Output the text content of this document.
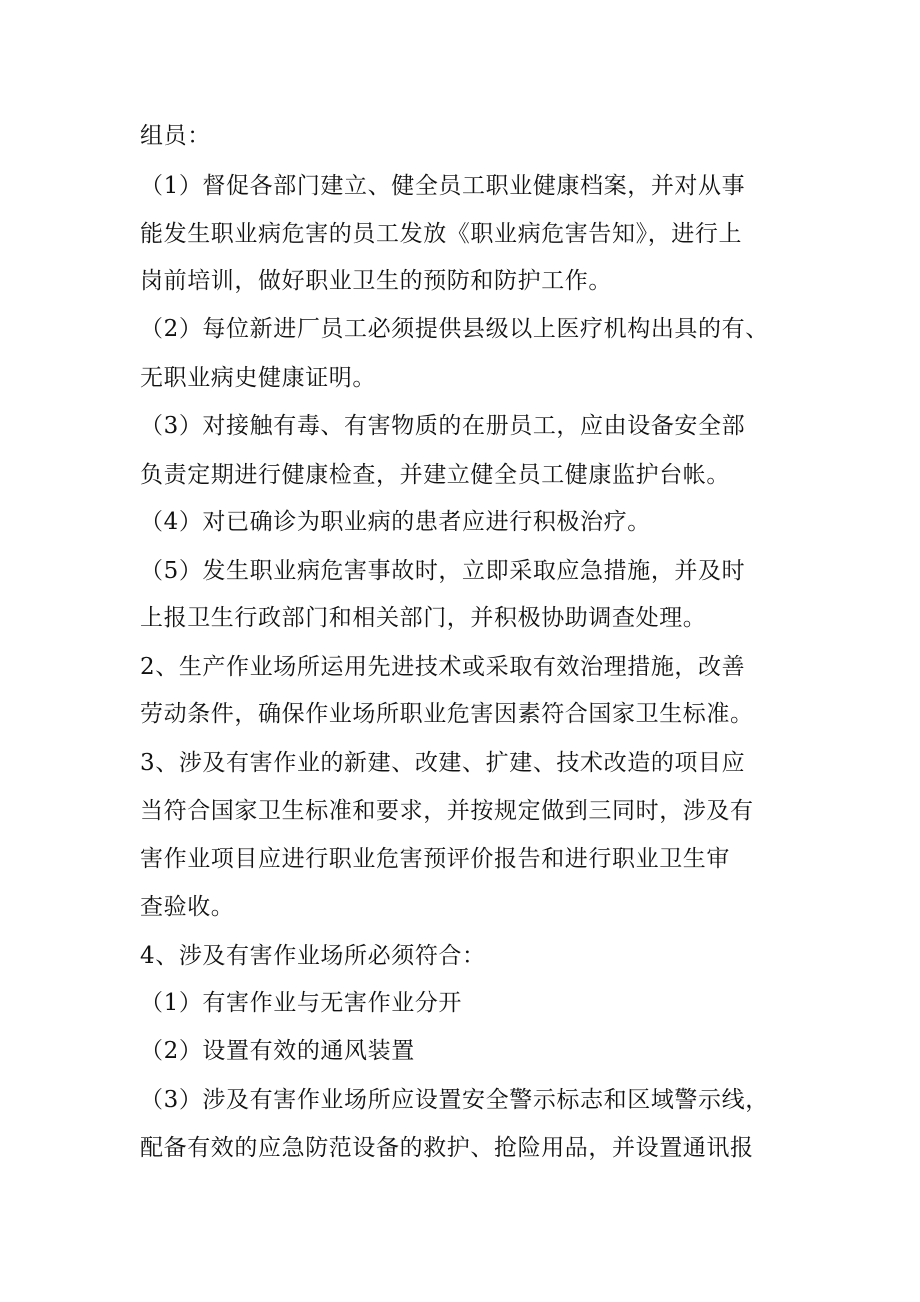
组员：
（1）督促各部门建立、健全员工职业健康档案，并对从事
能发生职业病危害的员工发放《职业病危害告知》，进行上
岗前培训，做好职业卫生的预防和防护工作。
（2）每位新进厂员工必须提供县级以上医疗机构出具的有、
无职业病史健康证明。
（3）对接触有毒、有害物质的在册员工，应由设备安全部
负责定期进行健康检查，并建立健全员工健康监护台帐。
（4）对已确诊为职业病的患者应进行积极治疗。
（5）发生职业病危害事故时，立即采取应急措施，并及时
上报卫生行政部门和相关部门，并积极协助调查处理。
2、生产作业场所运用先进技术或采取有效治理措施，改善
劳动条件，确保作业场所职业危害因素符合国家卫生标准。
3、涉及有害作业的新建、改建、扩建、技术改造的项目应
当符合国家卫生标准和要求，并按规定做到三同时，涉及有
害作业项目应进行职业危害预评价报告和进行职业卫生审
查验收。
4、涉及有害作业场所必须符合：
（1）有害作业与无害作业分开
（2）设置有效的通风装置
（3）涉及有害作业场所应设置安全警示标志和区域警示线，
配备有效的应急防范设备的救护、抢险用品，并设置通讯报
